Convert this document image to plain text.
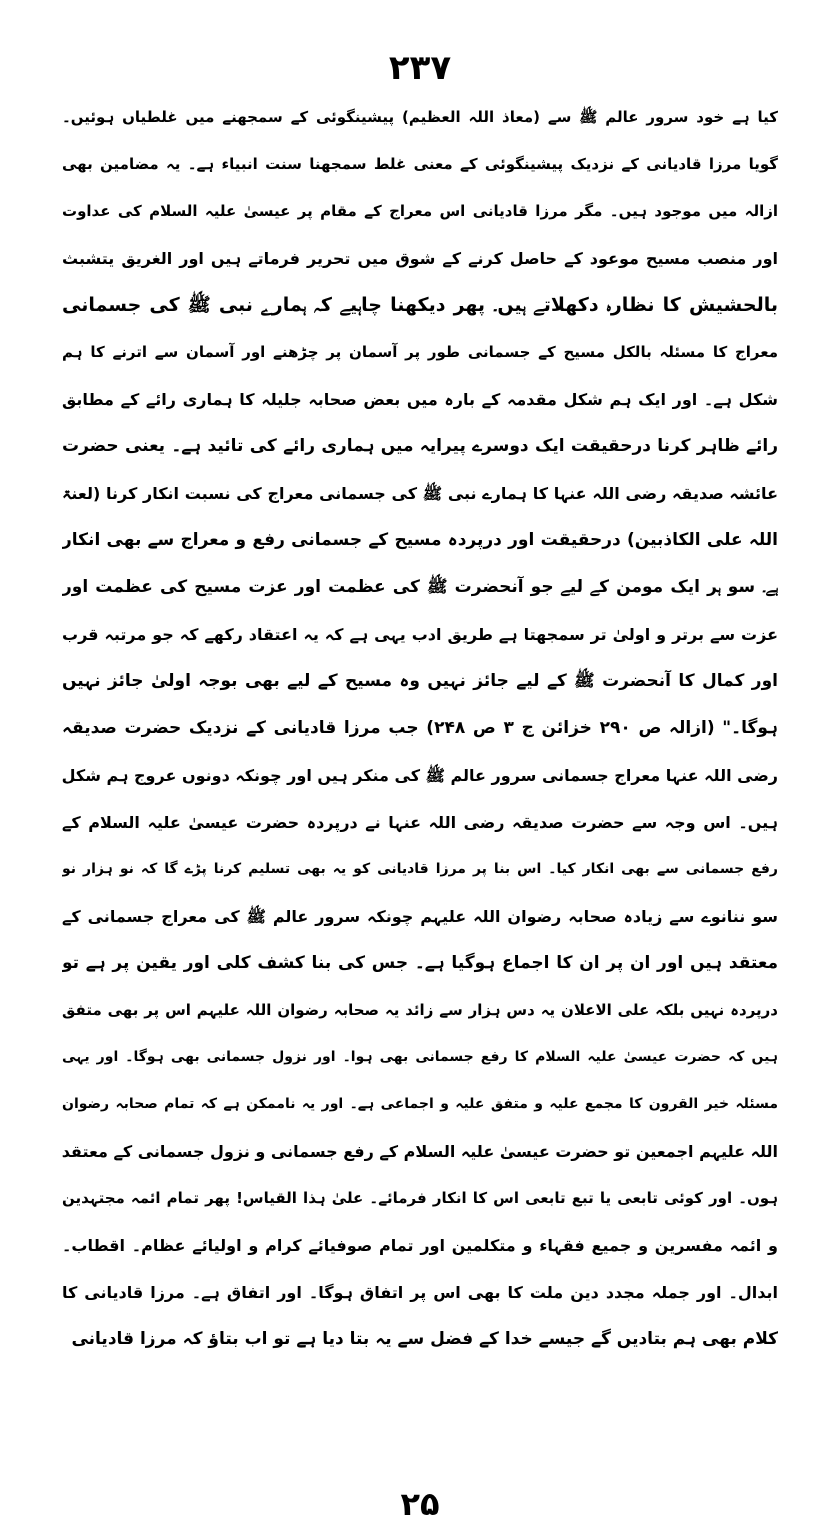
۲۳۷
کیا ہے خود سرور عالم ﷺ سے (معاذ اللہ العظیم) پیشینگوئی کے سمجھنے میں غلطیاں ہوئیں۔
گویا مرزا قادیانی کے نزدیک پیشینگوئی کے معنی غلط سمجھنا سنت انبیاء ہے۔ یہ مضامین بھی
ازالہ میں موجود ہیں۔ مگر مرزا قادیانی اس معراج کے مقام پر عیسیٰ علیہ السلام کی عداوت
اور منصب مسیح موعود کے حاصل کرنے کے شوق میں تحریر فرماتے ہیں اور الغریق یتشبث
بالحشیش کا نظارہ دکھلاتے ہیں۔ پھر دیکھنا چاہیے کہ ہمارے نبی ﷺ کی جسمانی
معراج کا مسئلہ بالکل مسیح کے جسمانی طور پر آسمان پر چڑھنے اور آسمان سے اترنے کا ہم
شکل ہے۔ اور ایک ہم شکل مقدمہ کے بارہ میں بعض صحابہ جلیلہ کا ہماری رائے کے مطابق
رائے ظاہر کرنا درحقیقت ایک دوسرے پیرایہ میں ہماری رائے کی تائید ہے۔ یعنی حضرت
عائشہ صدیقہ رضی اللہ عنہا کا ہمارے نبی ﷺ کی جسمانی معراج کی نسبت انکار کرنا (لعنۃ
اللہ علی الکاذبین) درحقیقت اور درپردہ مسیح کے جسمانی رفع و معراج سے بھی انکار
ہے۔ سو ہر ایک مومن کے لیے جو آنحضرت ﷺ کی عظمت اور عزت مسیح کی عظمت اور
عزت سے برتر و اولیٰ تر سمجھتا ہے طریق ادب یہی ہے کہ یہ اعتقاد رکھے کہ جو مرتبہ قرب
اور کمال کا آنحضرت ﷺ کے لیے جائز نہیں وہ مسیح کے لیے بھی بوجہ اولیٰ جائز نہیں
ہوگا۔" (ازالہ ص ۲۹۰ خزائن ج ۳ ص ۲۴۸) جب مرزا قادیانی کے نزدیک حضرت صدیقہ
رضی اللہ عنہا معراج جسمانی سرور عالم ﷺ کی منکر ہیں اور چونکہ دونوں عروج ہم شکل
ہیں۔ اس وجہ سے حضرت صدیقہ رضی اللہ عنہا نے درپردہ حضرت عیسیٰ علیہ السلام کے
رفع جسمانی سے بھی انکار کیا۔ اس بنا پر مرزا قادیانی کو یہ بھی تسلیم کرنا پڑے گا کہ نو ہزار نو
سو ننانوے سے زیادہ صحابہ رضوان اللہ علیہم چونکہ سرور عالم ﷺ کی معراج جسمانی کے
معتقد ہیں اور ان پر ان کا اجماع ہوگیا ہے۔ جس کی بنا کشف کلی اور یقین پر ہے تو
درپردہ نہیں بلکہ علی الاعلان یہ دس ہزار سے زائد یہ صحابہ رضوان اللہ علیہم اس پر بھی متفق
ہیں کہ حضرت عیسیٰ علیہ السلام کا رفع جسمانی بھی ہوا۔ اور نزول جسمانی بھی ہوگا۔ اور یہی
مسئلہ خیر القرون کا مجمع علیہ و متفق علیہ و اجماعی ہے۔ اور یہ ناممکن ہے کہ تمام صحابہ رضوان
اللہ علیہم اجمعین تو حضرت عیسیٰ علیہ السلام کے رفع جسمانی و نزول جسمانی کے معتقد
ہوں۔ اور کوئی تابعی یا تبع تابعی اس کا انکار فرمائے۔ علیٰ ہذا القیاس! پھر تمام ائمہ مجتہدین
و ائمہ مفسرین و جمیع فقہاء و متکلمین اور تمام صوفیائے کرام و اولیائے عظام۔ اقطاب۔
ابدال۔ اور جملہ مجدد دین ملت کا بھی اس پر اتفاق ہوگا۔ اور اتفاق ہے۔ مرزا قادیانی کا
کلام بھی ہم بتادیں گے جیسے خدا کے فضل سے یہ بتا دیا ہے تو اب بتاؤ کہ مرزا قادیانی
۲۵
